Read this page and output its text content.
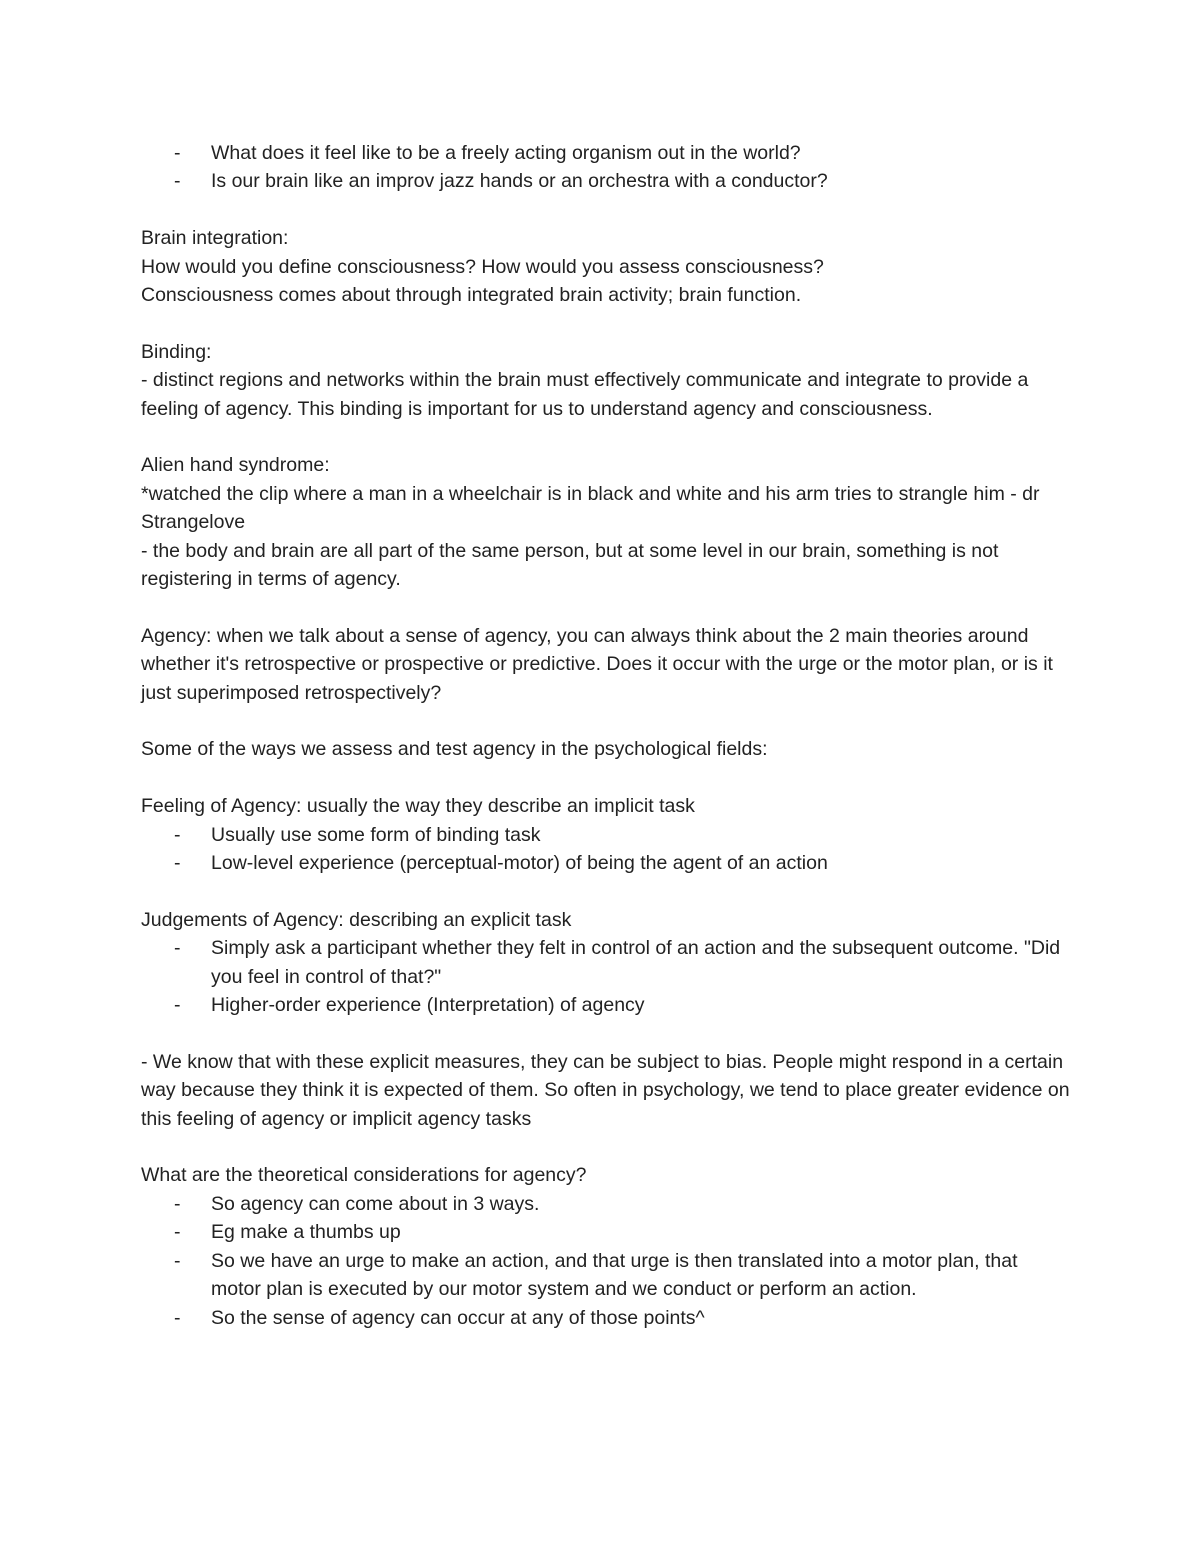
- What does it feel like to be a freely acting organism out in the world?
- Is our brain like an improv jazz hands or an orchestra with a conductor?

Brain integration:

How would you define consciousness? How would you assess consciousness?

Consciousness comes about through integrated brain activity; brain function.

Binding:

- distinct regions and networks within the brain must effectively communicate and integrate to provide a feeling of agency. This binding is important for us to understand agency and consciousness.

Alien hand syndrome:

*watched the clip where a man in a wheelchair is in black and white and his arm tries to strangle him - dr Strangelove

- the body and brain are all part of the same person, but at some level in our brain, something is not registering in terms of agency.

Agency: when we talk about a sense of agency, you can always think about the 2 main theories around whether it's retrospective or prospective or predictive. Does it occur with the urge or the motor plan, or is it just superimposed retrospectively?

Some of the ways we assess and test agency in the psychological fields:

Feeling of Agency: usually the way they describe an implicit task

- Usually use some form of binding task
- Low-level experience (perceptual-motor) of being the agent of an action

Judgements of Agency: describing an explicit task

- Simply ask a participant whether they felt in control of an action and the subsequent outcome. "Did you feel in control of that?"
- Higher-order experience (Interpretation) of agency

- We know that with these explicit measures, they can be subject to bias. People might respond in a certain way because they think it is expected of them. So often in psychology, we tend to place greater evidence on this feeling of agency or implicit agency tasks

What are the theoretical considerations for agency?

- So agency can come about in 3 ways.
- Eg make a thumbs up
- So we have an urge to make an action, and that urge is then translated into a motor plan, that motor plan is executed by our motor system and we conduct or perform an action.
- So the sense of agency can occur at any of those points^
